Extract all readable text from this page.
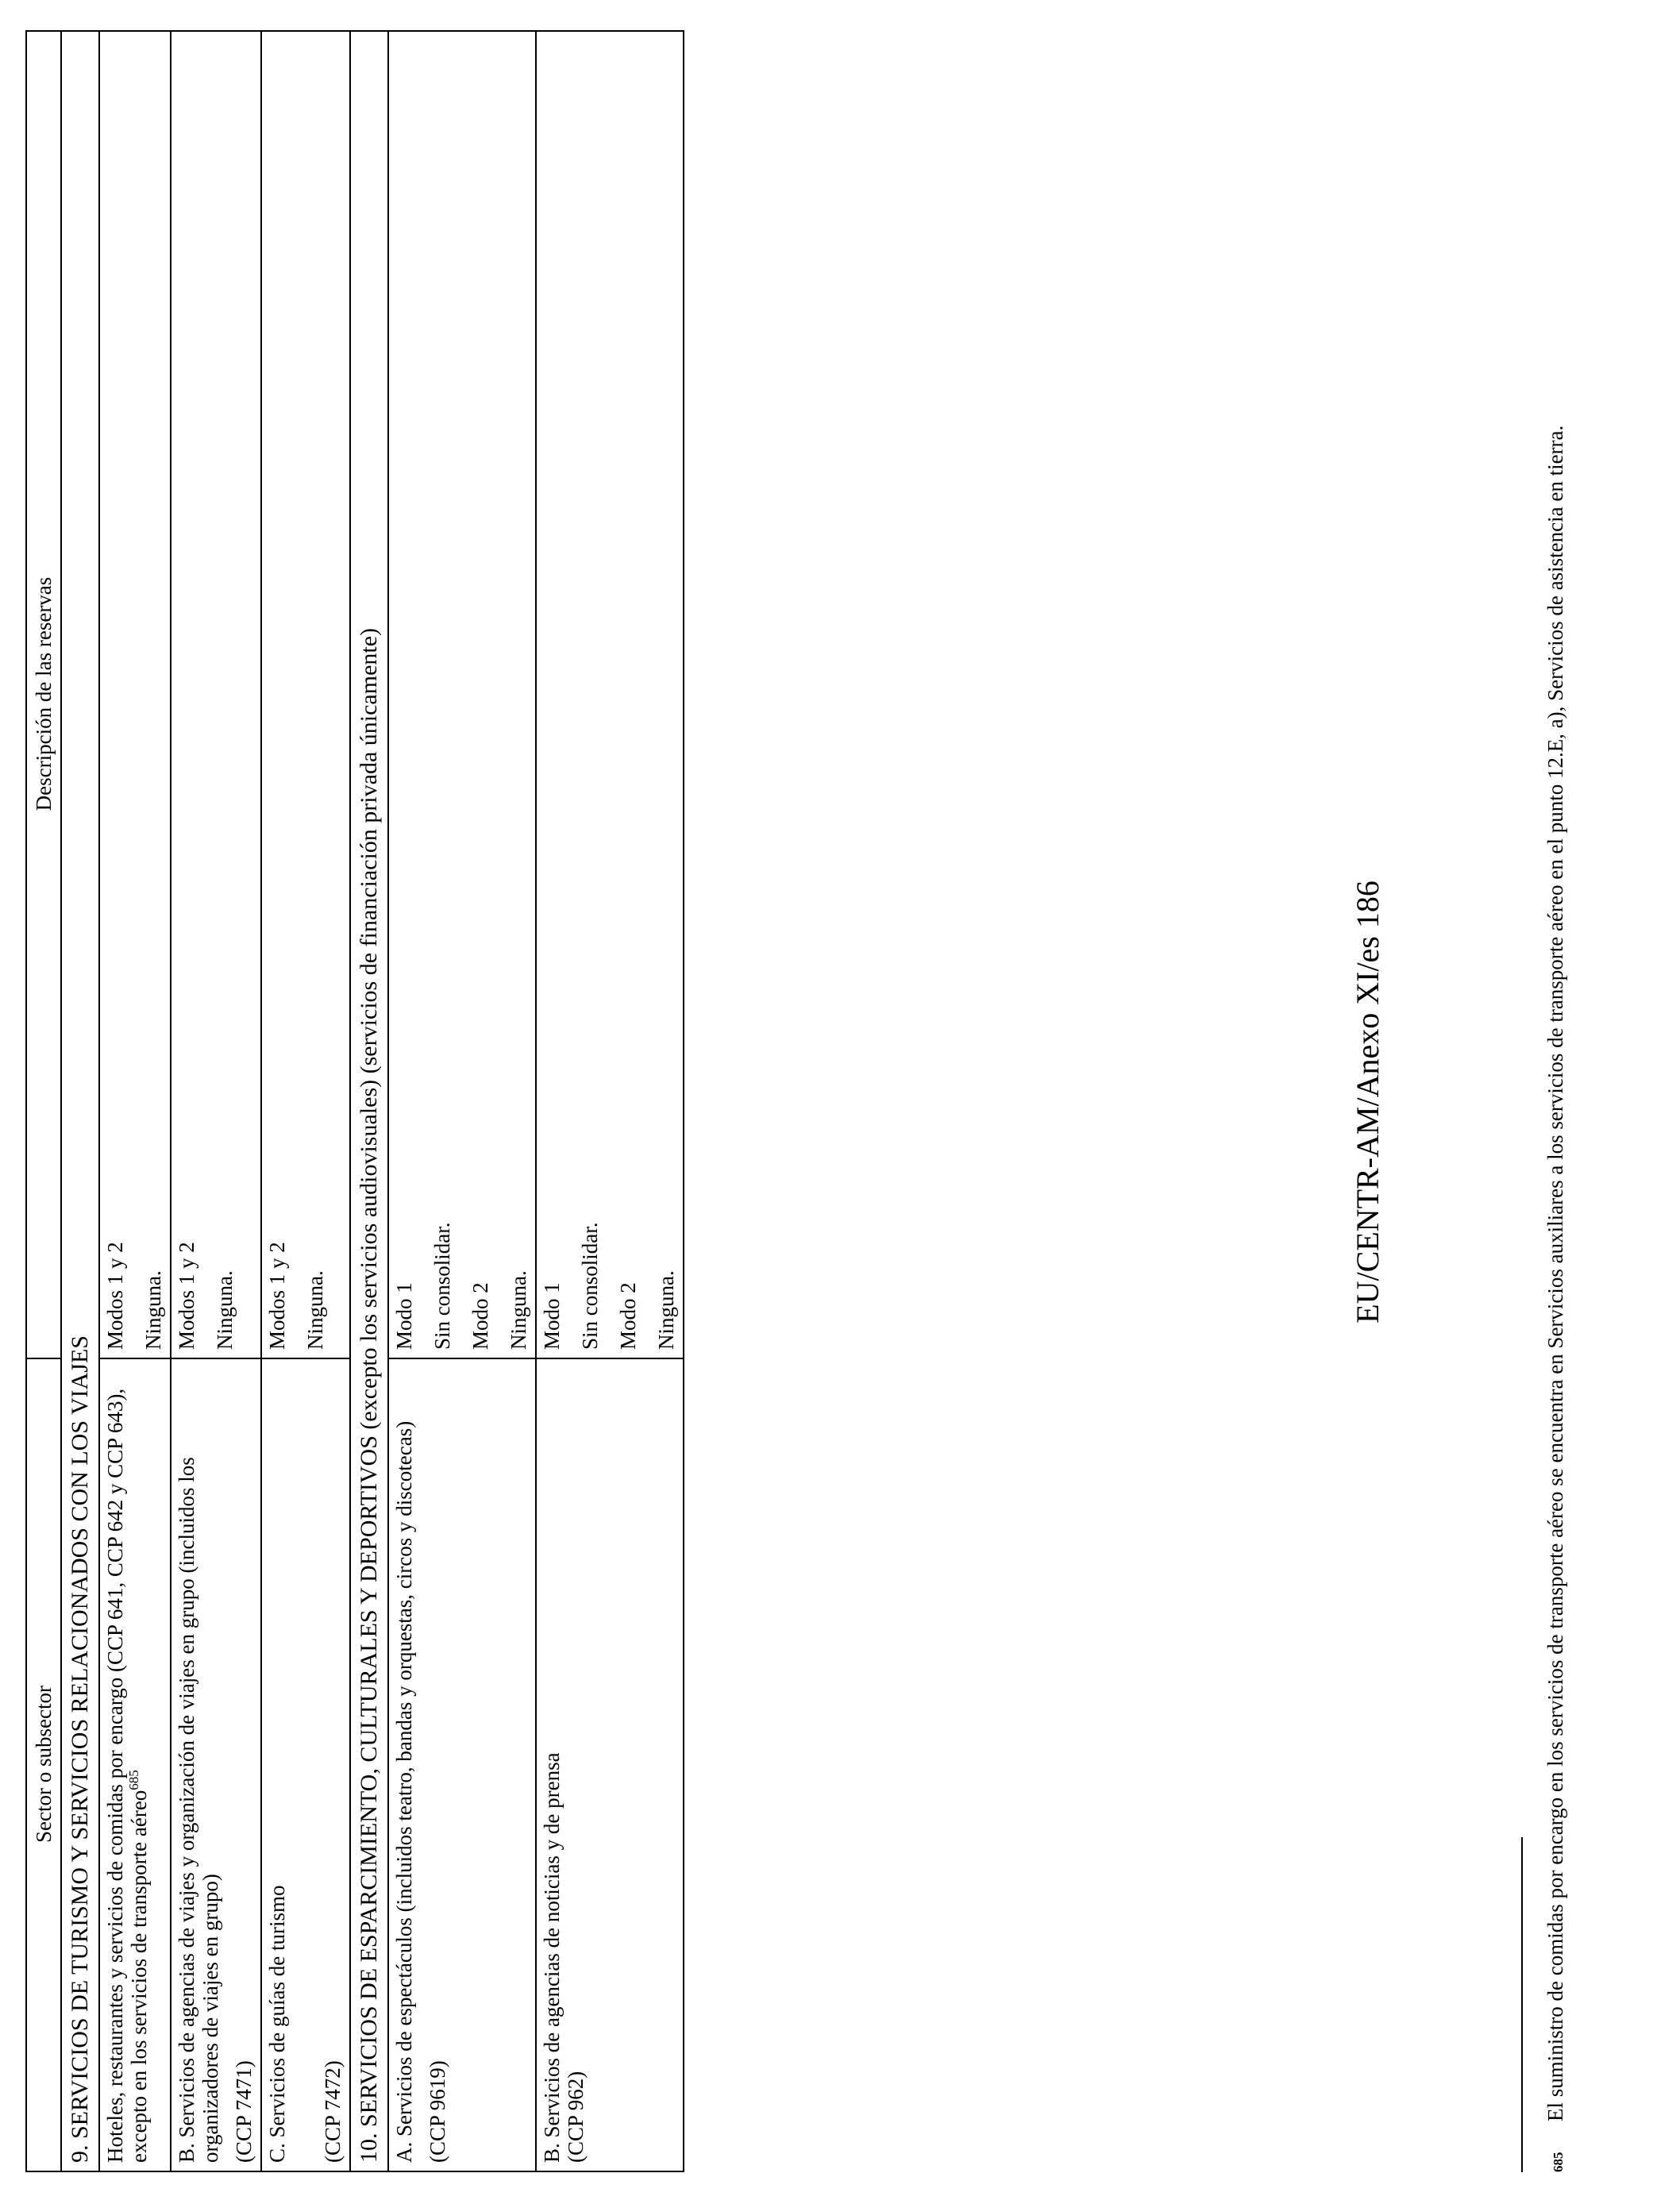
Sector o subsector	Descripción de las reservas
9. SERVICIOS DE TURISMO Y SERVICIOS RELACIONADOS CON LOS VIAJES	
Hoteles, restaurantes y servicios de comidas por encargo (CCP 641, CCP 642 y CCP 643), excepto en los servicios de transporte aéreo$^{685}$	Modos 1 y 2 Ninguna.

B. Servicios de agencias de viajes y organización de viajes en grupo (incluidos los organizadores de viajes en grupo) (CCP 7471)	Modos 1 y 2 Ninguna.

C. Servicios de guías de turismo (CCP 7472)	Modos 1 y 2 Ninguna.

10. SERVICIOS DE ESPARCIMIENTO, CULTURALES Y DEPORTIVOS (excepto los servicios audiovisuales) (servicios de financiación privada únicamente)	

A. Servicios de espectáculos (incluidos teatro, bandas y orquestas, circos y discotecas) (CCP 9619)	Modo 1 Sin consolidar. Modo 2 Ninguna.

B. Servicios de agencias de noticias y de prensa (CCP 962)	Modo 1 Sin consolidar. Modo 2 Ninguna.	EU/CENTR-AM/Anexo XI/es 186
685
El suministro de comidas por encargo en los servicios de transporte aéreo se encuentra en Servicios auxiliares a los servicios de transporte aéreo en el punto 12.E, a), Servicios de asistencia en tierra.
